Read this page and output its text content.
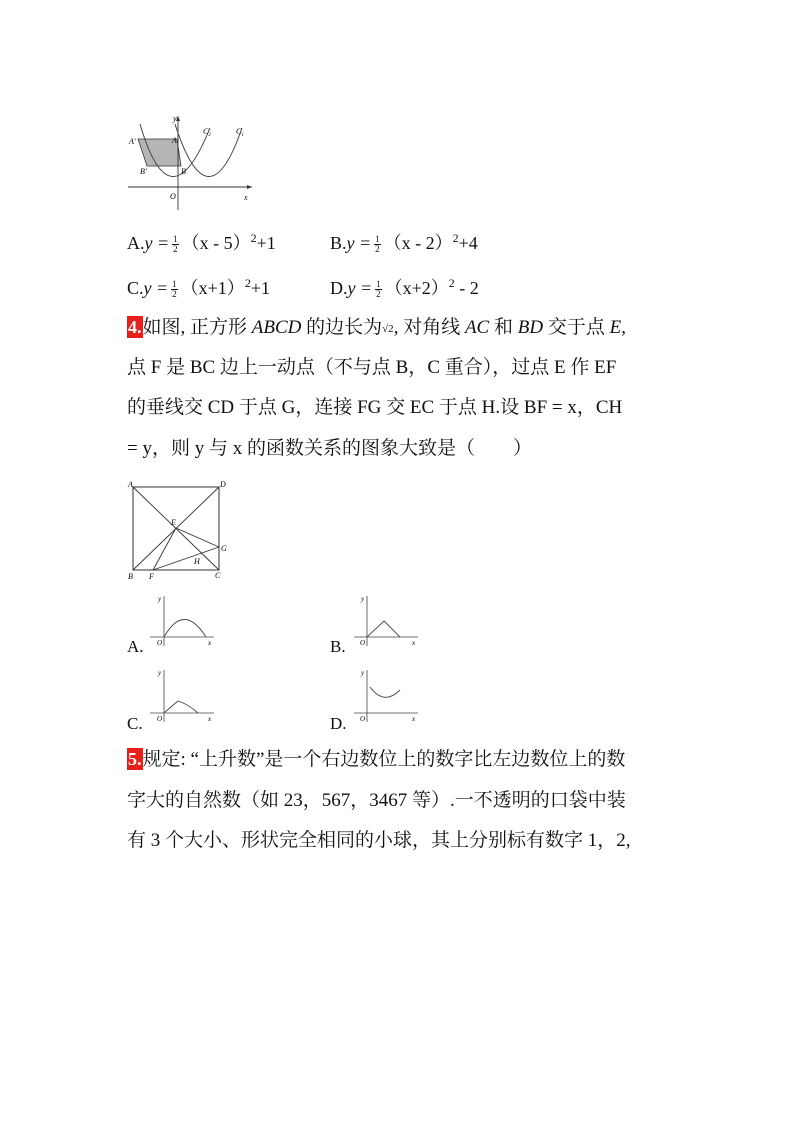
y
x
O
A′	A
B′	B
$C_2$	$C_1$
$A.y = \frac{1}{2} (x - 5)^2+1$	$B.y = \frac{1}{2} (x - 2)^2+4$
$C.y = \frac{1}{2} (x+1)^2+1$	$D.y = \frac{1}{2} (x+2)^2 - 2$
4.如图, 正方形 ABCD 的边长为√2, 对角线 AC 和 BD 交于点 E,
点 F 是 BC 边上一动点（不与点 B，C 重合），过点 E 作 EF
的垂线交 CD 于点 G，连接 FG 交 EC 于点 H.设 BF = x，CH
= y，则 y 与 x 的函数关系的图象大致是（　　）
A	D
E
G
H
B F	C
A.
y
x
O	B.
y
x
O
C.
y
x
O	D.
y
x
O
5.规定: “上升数”是一个右边数位上的数字比左边数位上的数
字大的自然数（如 23，567，3467 等）.一不透明的口袋中装
有 3 个大小、形状完全相同的小球，其上分别标有数字 1，2,
